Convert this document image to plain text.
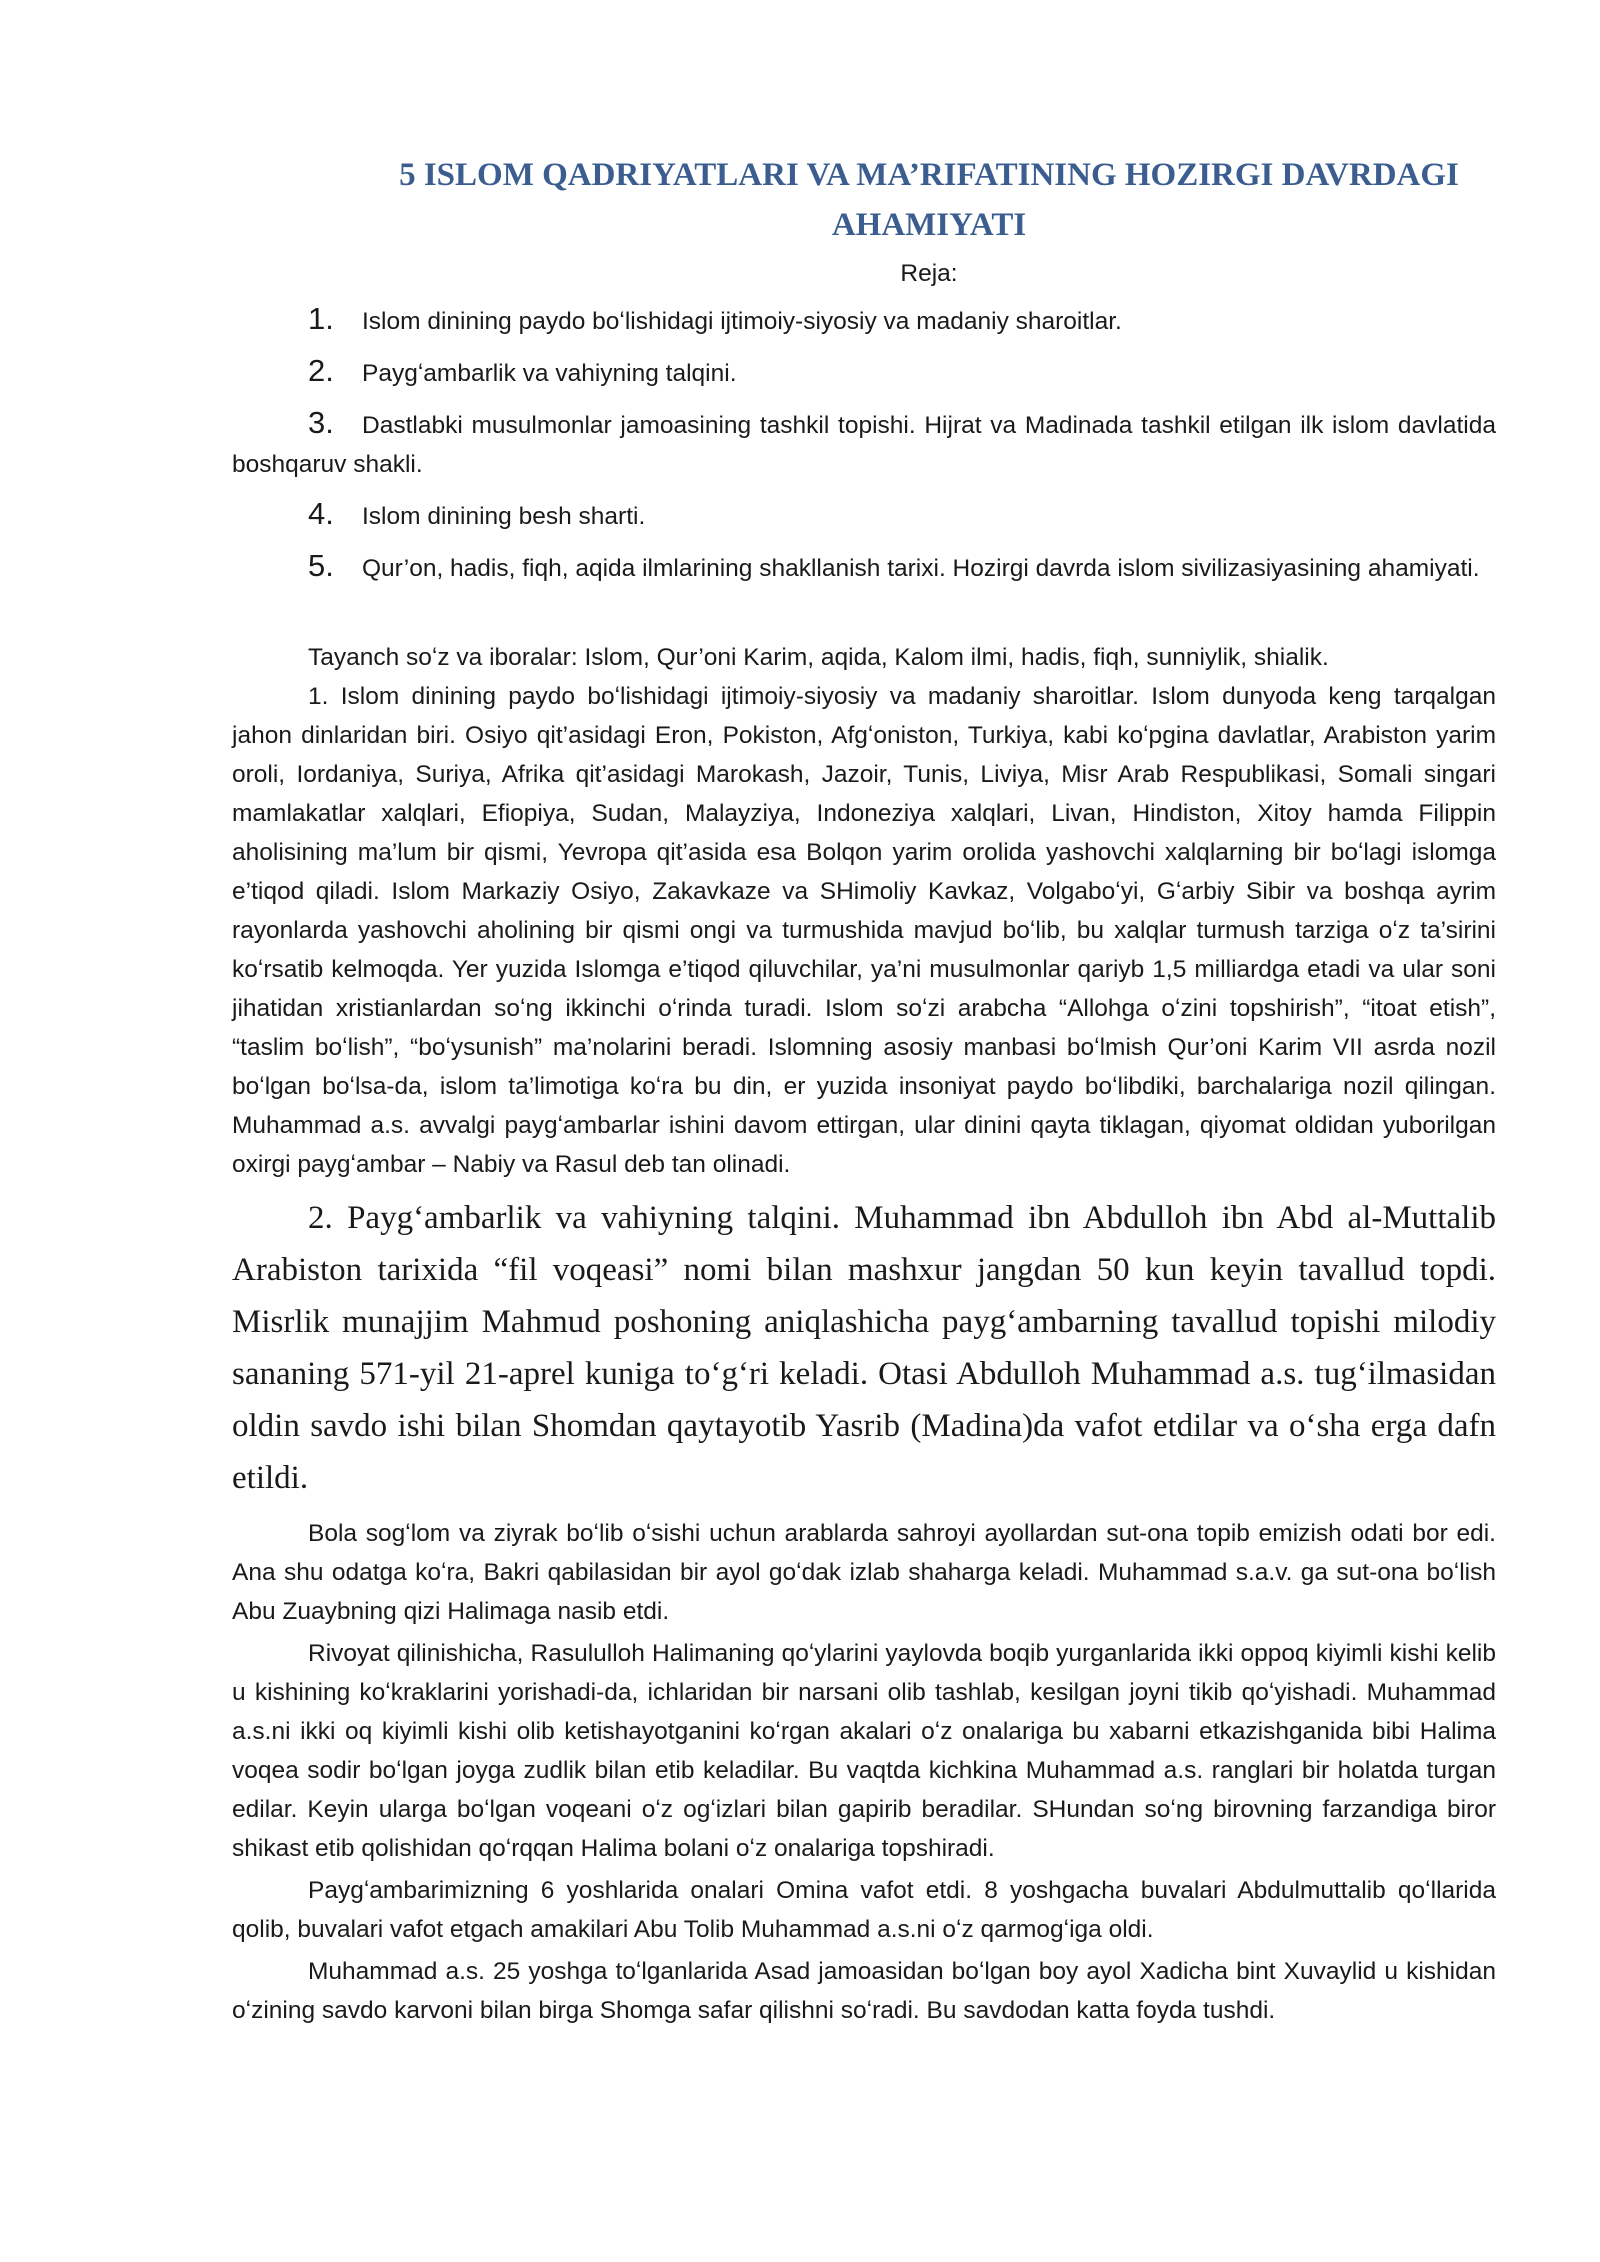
5 ISLOM QADRIYATLARI VA MA’RIFATINING HOZIRGI DAVRDAGI AHAMIYATI
Reja:
1. Islom dinining paydo boʻlishidagi ijtimoiy-siyosiy va madaniy sharoitlar.
2. Paygʻambarlik va vahiyning talqini.
3. Dastlabki musulmonlar jamoasining tashkil topishi. Hijrat va Madinada tashkil etilgan ilk islom davlatida boshqaruv shakli.
4. Islom dinining besh sharti.
5. Qur’on, hadis, fiqh, aqida ilmlarining shakllanish tarixi. Hozirgi davrda islom sivilizasiyasining ahamiyati.

Tayanch soʻz va iboralar: Islom, Qur’oni Karim, aqida, Kalom ilmi, hadis, fiqh, sunniylik, shialik.

1. Islom dinining paydo boʻlishidagi ijtimoiy-siyosiy va madaniy sharoitlar. Islom dunyoda keng tarqalgan jahon dinlaridan biri. Osiyo qit’asidagi Eron, Pokiston, Afgʻoniston, Turkiya, kabi koʻpgina davlatlar, Arabiston yarim oroli, Iordaniya, Suriya, Afrika qit’asidagi Marokash, Jazoir, Tunis, Liviya, Misr Arab Respublikasi, Somali singari mamlakatlar xalqlari, Efiopiya, Sudan, Malayziya, Indoneziya xalqlari, Livan, Hindiston, Xitoy hamda Filippin aholisining ma’lum bir qismi, Yevropa qit’asida esa Bolqon yarim orolida yashovchi xalqlarning bir boʻlagi islomga e’tiqod qiladi. Islom Markaziy Osiyo, Zakavkaze va SHimoliy Kavkaz, Volgaboʻyi, Gʻarbiy Sibir va boshqa ayrim rayonlarda yashovchi aholining bir qismi ongi va turmushida mavjud boʻlib, bu xalqlar turmush tarziga oʻz ta’sirini koʻrsatib kelmoqda. Yer yuzida Islomga e’tiqod qiluvchilar, ya’ni musulmonlar qariyb 1,5 milliardga etadi va ular soni jihatidan xristianlardan soʻng ikkinchi oʻrinda turadi. Islom soʻzi arabcha “Allohga oʻzini topshirish”, “itoat etish”, “taslim boʻlish”, “boʻysunish” ma’nolarini beradi. Islomning asosiy manbasi boʻlmish Qur’oni Karim VII asrda nozil boʻlgan boʻlsa-da, islom ta’limotiga koʻra bu din, er yuzida insoniyat paydo boʻlibdiki, barchalariga nozil qilingan. Muhammad a.s. avvalgi paygʻambarlar ishini davom ettirgan, ular dinini qayta tiklagan, qiyomat oldidan yuborilgan oxirgi paygʻambar – Nabiy va Rasul deb tan olinadi.

2. Paygʻambarlik va vahiyning talqini. Muhammad ibn Abdulloh ibn Abd al-Muttalib Arabiston tarixida “fil voqeasi” nomi bilan mashxur jangdan 50 kun keyin tavallud topdi. Misrlik munajjim Mahmud poshoning aniqlashicha paygʻambarning tavallud topishi milodiy sananing 571-yil 21-aprel kuniga toʻgʻri keladi. Otasi Abdulloh Muhammad a.s. tugʻilmasidan oldin savdo ishi bilan Shomdan qaytayotib Yasrib (Madina)da vafot etdilar va oʻsha erga dafn etildi.

Bola sogʻlom va ziyrak boʻlib oʻsishi uchun arablarda sahroyi ayollardan sut-ona topib emizish odati bor edi. Ana shu odatga koʻra, Bakri qabilasidan bir ayol goʻdak izlab shaharga keladi. Muhammad s.a.v. ga sut-ona boʻlish Abu Zuaybning qizi Halimaga nasib etdi.

Rivoyat qilinishicha, Rasululloh Halimaning qoʻylarini yaylovda boqib yurganlarida ikki oppoq kiyimli kishi kelib u kishining koʻkraklarini yorishadi-da, ichlaridan bir narsani olib tashlab, kesilgan joyni tikib qoʻyishadi. Muhammad a.s.ni ikki oq kiyimli kishi olib ketishayotganini koʻrgan akalari oʻz onalariga bu xabarni etkazishganida bibi Halima voqea sodir boʻlgan joyga zudlik bilan etib keladilar. Bu vaqtda kichkina Muhammad a.s. ranglari bir holatda turgan edilar. Keyin ularga boʻlgan voqeani oʻz ogʻizlari bilan gapirib beradilar. SHundan soʻng birovning farzandiga biror shikast etib qolishidan qoʻrqqan Halima bolani oʻz onalariga topshiradi.

Paygʻambarimizning 6 yoshlarida onalari Omina vafot etdi. 8 yoshgacha buvalari Abdulmuttalib qoʻllarida qolib, buvalari vafot etgach amakilari Abu Tolib Muhammad a.s.ni oʻz qarmogʻiga oldi.

Muhammad a.s. 25 yoshga toʻlganlarida Asad jamoasidan boʻlgan boy ayol Xadicha bint Xuvaylid u kishidan oʻzining savdo karvoni bilan birga Shomga safar qilishni soʻradi. Bu savdodan katta foyda tushdi.
